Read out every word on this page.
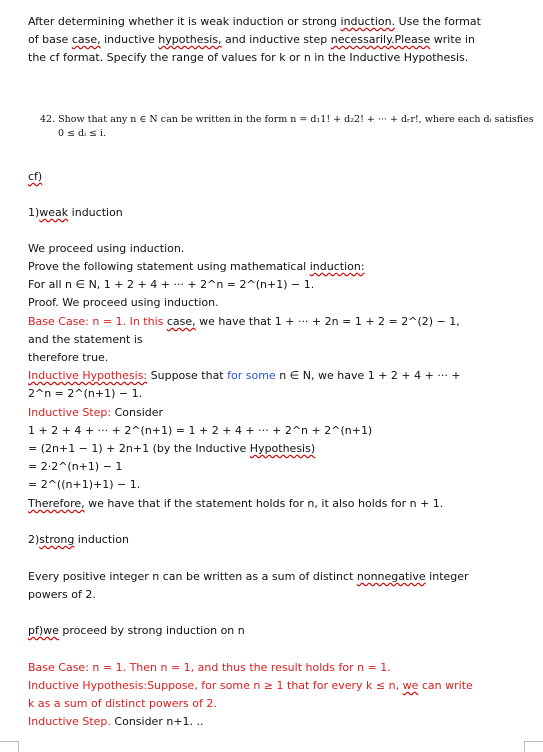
After determining whether it is weak induction or strong induction. Use the format
of base case, inductive hypothesis, and inductive step necessarily.Please write in
the cf format. Specify the range of values for k or n in the Inductive Hypothesis.
42. Show that any n ∈ N can be written in the form n = d₁1! + d₂2! + ··· + dᵣr!, where each dᵢ satisfies
0 ≤ dᵢ ≤ i.
cf)
1)weak induction
We proceed using induction.
Prove the following statement using mathematical induction:
For all n ∈ N, 1 + 2 + 4 + ··· + 2^n = 2^(n+1) − 1.
Proof. We proceed using induction.
Base Case: n = 1. In this case, we have that 1 + ··· + 2n = 1 + 2 = 2^(2) − 1,
and the statement is
therefore true.
Inductive Hypothesis: Suppose that for some n ∈ N, we have 1 + 2 + 4 + ··· +
2^n = 2^(n+1) − 1.
Inductive Step: Consider
1 + 2 + 4 + ··· + 2^(n+1) = 1 + 2 + 4 + ··· + 2^n + 2^(n+1)
= (2n+1 − 1) + 2n+1 (by the Inductive Hypothesis)
= 2·2^(n+1) − 1
= 2^((n+1)+1) − 1.
Therefore, we have that if the statement holds for n, it also holds for n + 1.
2)strong induction
Every positive integer n can be written as a sum of distinct nonnegative integer
powers of 2.
pf)we proceed by strong induction on n
Base Case: n = 1. Then n = 1, and thus the result holds for n = 1.
Inductive Hypothesis:Suppose, for some n ≥ 1 that for every k ≤ n, we can write
k as a sum of distinct powers of 2.
Inductive Step. Consider n+1. ..
